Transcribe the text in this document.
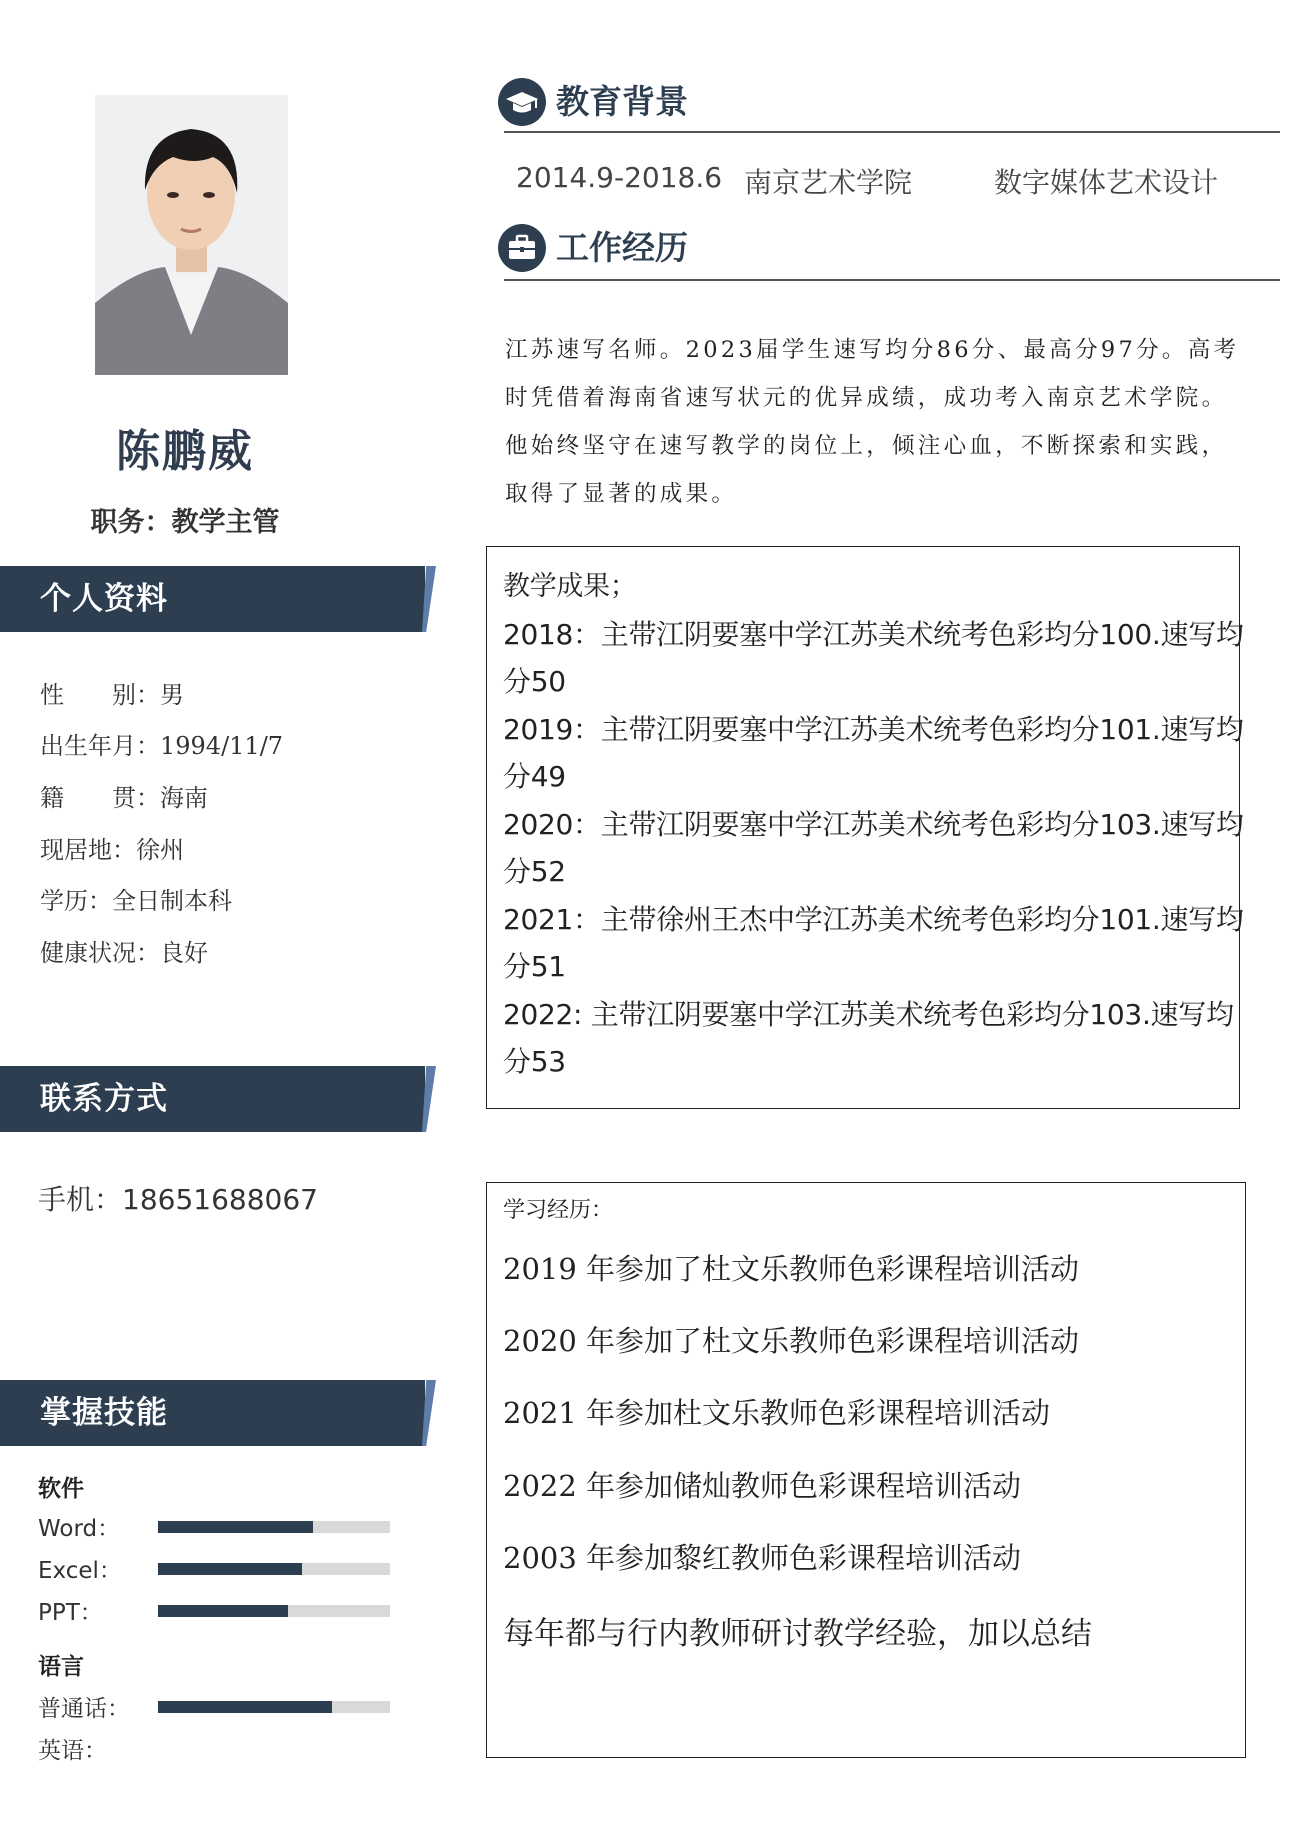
陈鹏威
职务：教学主管
个人资料
性　　别：男
出生年月：1994/11/7
籍　　贯：海南
现居地：徐州
学历：全日制本科
健康状况：良好
联系方式
手机：18651688067
掌握技能
软件
Word：
Excel：
PPT：
语言
普通话：
英语：
教育背景
2014.9-2018.6 南京艺术学院	数字媒体艺术设计
工作经历

江苏速写名师。2023届学生速写均分86分、最高分97分。高考

时凭借着海南省速写状元的优异成绩，成功考入南京艺术学院。

他始终坚守在速写教学的岗位上，倾注心血，不断探索和实践，

取得了显著的成果。

教学成果；

2018：主带江阴要塞中学江苏美术统考色彩均分100.速写均

分50

2019：主带江阴要塞中学江苏美术统考色彩均分101.速写均

分49

2020：主带江阴要塞中学江苏美术统考色彩均分103.速写均

分52

2021：主带徐州王杰中学江苏美术统考色彩均分101.速写均

分51

2022: 主带江阴要塞中学江苏美术统考色彩均分103.速写均

分53

学习经历：

2019 年参加了杜文乐教师色彩课程培训活动

2020 年参加了杜文乐教师色彩课程培训活动

2021 年参加杜文乐教师色彩课程培训活动

2022 年参加储灿教师色彩课程培训活动

2003 年参加黎红教师色彩课程培训活动

每年都与行内教师研讨教学经验，加以总结
